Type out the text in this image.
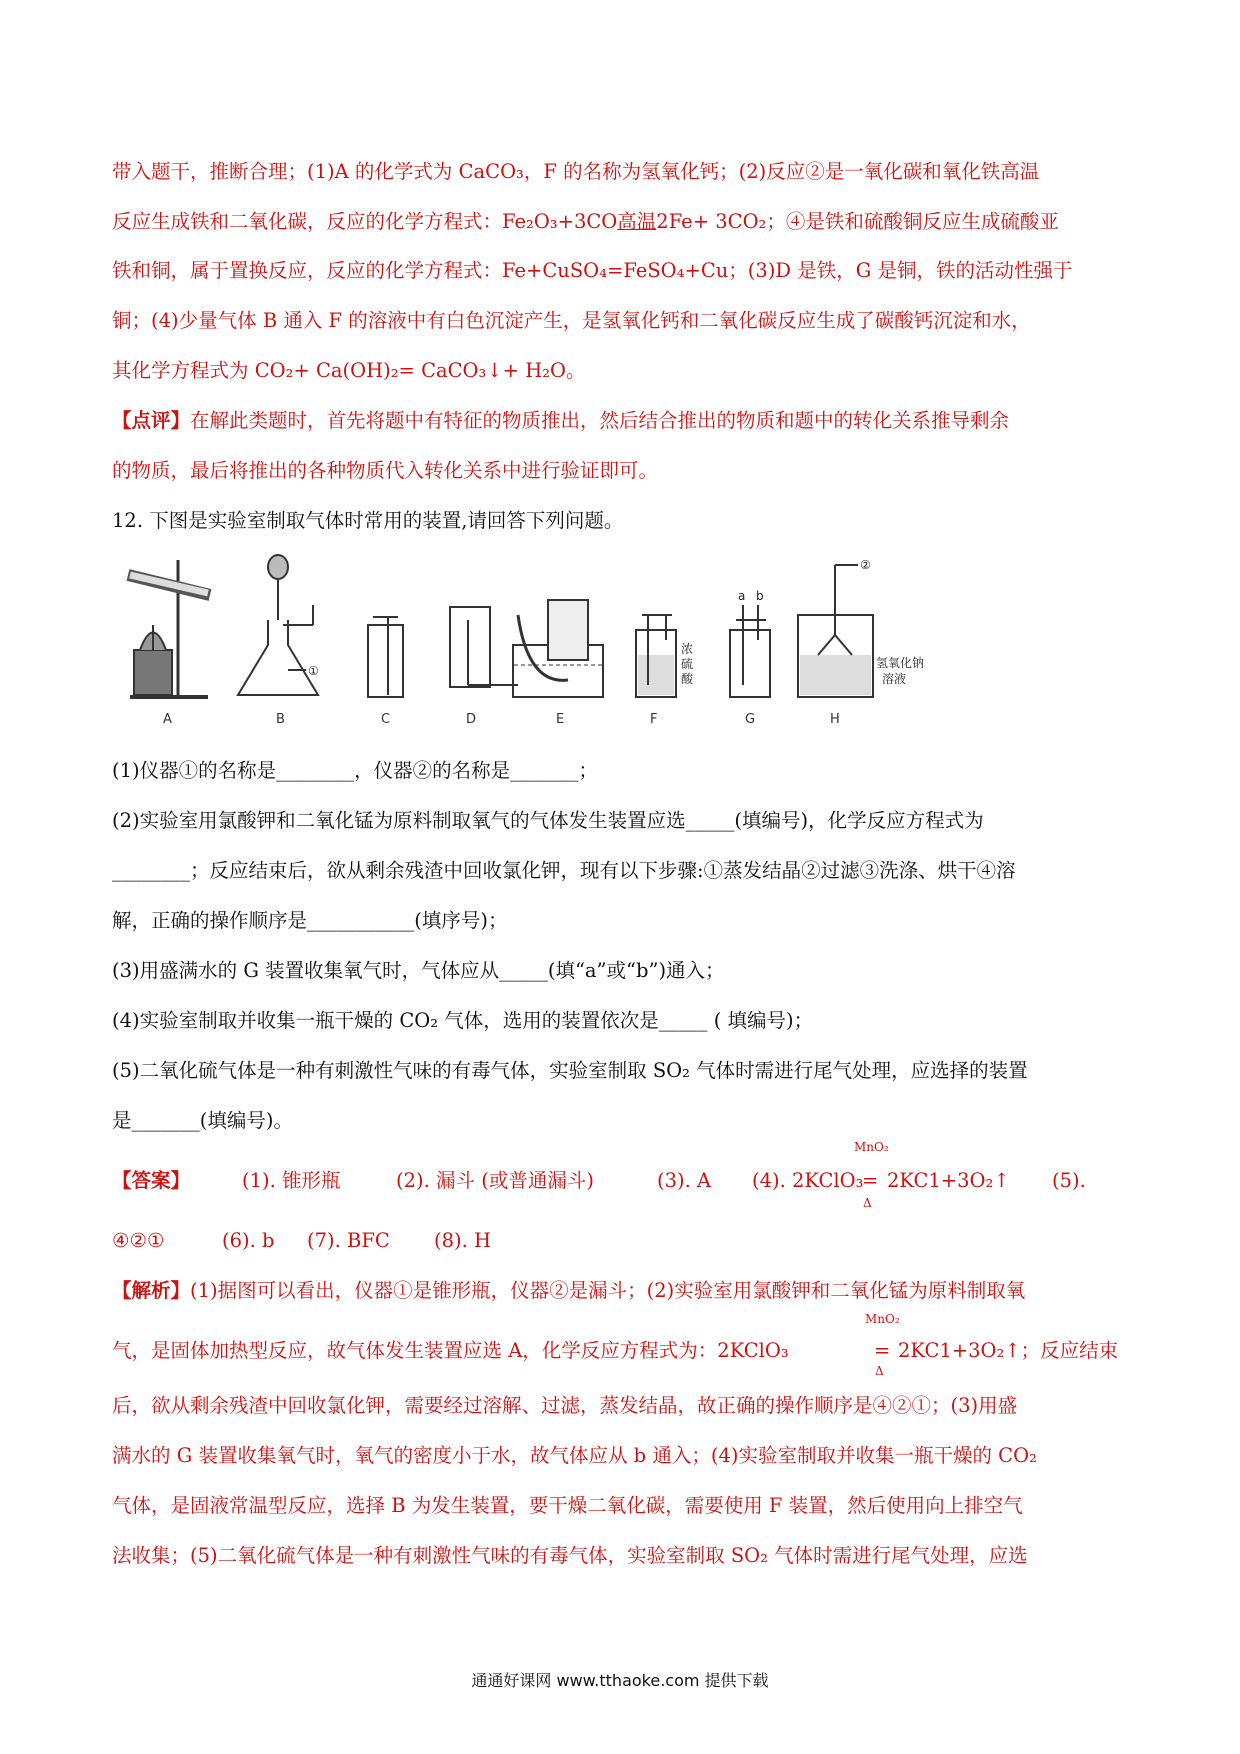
带入题干，推断合理；(1)A 的化学式为 CaCO₃，F 的名称为氢氧化钙；(2)反应②是一氧化碳和氧化铁高温
反应生成铁和二氧化碳，反应的化学方程式：Fe₂O₃+3CO高温2Fe+ 3CO₂；④是铁和硫酸铜反应生成硫酸亚
铁和铜，属于置换反应，反应的化学方程式：Fe+CuSO₄=FeSO₄+Cu；(3)D 是铁，G 是铜，铁的活动性强于
铜；(4)少量气体 B 通入 F 的溶液中有白色沉淀产生，是氢氧化钙和二氧化碳反应生成了碳酸钙沉淀和水，
其化学方程式为 CO₂+ Ca(OH)₂= CaCO₃↓+ H₂O。
【点评】在解此类题时，首先将题中有特征的物质推出，然后结合推出的物质和题中的转化关系推导剩余
的物质，最后将推出的各种物质代入转化关系中进行验证即可。
12. 下图是实验室制取气体时常用的装置,请回答下列问题。
A	B	C	D	E	F	G	H
①
②
浓
硫
酸
a b
氢氧化钠
溶液
(1)仪器①的名称是________，仪器②的名称是_______；
(2)实验室用氯酸钾和二氧化锰为原料制取氧气的气体发生装置应选_____(填编号)，化学反应方程式为
________；反应结束后，欲从剩余残渣中回收氯化钾，现有以下步骤:①蒸发结晶②过滤③洗涤、烘干④溶
解，正确的操作顺序是___________(填序号)；
(3)用盛满水的 G 装置收集氧气时，气体应从_____(填“a”或“b”)通入；
(4)实验室制取并收集一瓶干燥的 CO₂ 气体，选用的装置依次是_____ ( 填编号)；
(5)二氧化硫气体是一种有刺激性气味的有毒气体，实验室制取 SO₂ 气体时需进行尾气处理，应选择的装置
是_______(填编号)。
【答案】	(1). 锥形瓶	(2). 漏斗 (或普通漏斗)	(3). A (4). 2KClO₃
MnO₂
=
Δ
2KC1+3O₂↑ (5).
④②①	(6). b (7). BFC (8). H
【解析】(1)据图可以看出，仪器①是锥形瓶，仪器②是漏斗；(2)实验室用氯酸钾和二氧化锰为原料制取氧
气，是固体加热型反应，故气体发生装置应选 A，化学反应方程式为：2KClO₃
MnO₂
=
Δ
2KC1+3O₂↑；反应结束
后，欲从剩余残渣中回收氯化钾，需要经过溶解、过滤，蒸发结晶，故正确的操作顺序是④②①；(3)用盛
满水的 G 装置收集氧气时，氧气的密度小于水，故气体应从 b 通入；(4)实验室制取并收集一瓶干燥的 CO₂
气体，是固液常温型反应，选择 B 为发生装置，要干燥二氧化碳，需要使用 F 装置，然后使用向上排空气
法收集；(5)二氧化硫气体是一种有刺激性气味的有毒气体，实验室制取 SO₂ 气体时需进行尾气处理，应选
通通好课网 www.tthaoke.com 提供下载
